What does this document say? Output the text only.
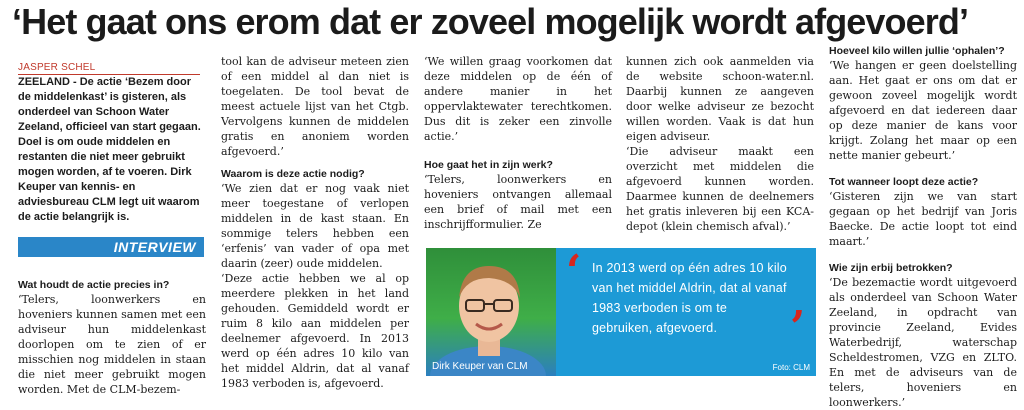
‘Het gaat ons erom dat er zoveel mogelijk wordt afgevoerd’
JASPER SCHEL

ZEELAND - De actie ‘Bezem door de middelenkast’ is gisteren, als onderdeel van Schoon Water Zeeland, officieel van start gegaan. Doel is om oude middelen en restanten die niet meer gebruikt mogen worden, af te voeren. Dirk Keuper van kennis- en adviesbureau CLM legt uit waarom de actie belangrijk is.

INTERVIEW

Wat houdt de actie precies in?

‘Telers, loonwerkers en hoveniers kunnen samen met een adviseur hun middelenkast doorlopen om te zien of er misschien nog middelen in staan die niet meer gebruikt mogen worden. Met de CLM-bezem-

tool kan de adviseur meteen zien of een middel al dan niet is toegelaten. De tool bevat de meest actuele lijst van het Ctgb. Vervolgens kunnen de middelen gratis en anoniem worden afgevoerd.’

Waarom is deze actie nodig?

‘We zien dat er nog vaak niet meer toegestane of verlopen middelen in de kast staan. En sommige telers hebben een ‘erfenis’ van vader of opa met daarin (zeer) oude middelen.

‘Deze actie hebben we al op meerdere plekken in het land gehouden. Gemiddeld wordt er ruim 8 kilo aan middelen per deelnemer afgevoerd. In 2013 werd op één adres 10 kilo van het middel Aldrin, dat al vanaf 1983 verboden is, afgevoerd.

‘We willen graag voorkomen dat deze middelen op de één of andere manier in het oppervlaktewater terechtkomen. Dus dit is zeker een zinvolle actie.’

Hoe gaat het in zijn werk?

‘Telers, loonwerkers en hoveniers ontvangen allemaal een brief of mail met een inschrijfformulier. Ze

kunnen zich ook aanmelden via de website schoon-water.nl. Daarbij kunnen ze aangeven door welke adviseur ze bezocht willen worden. Vaak is dat hun eigen adviseur.

‘Die adviseur maakt een overzicht met middelen die afgevoerd kunnen worden. Daarmee kunnen de deelnemers het gratis inleveren bij een KCA-depot (klein chemisch afval).’

Hoeveel kilo willen jullie ‘ophalen’?

‘We hangen er geen doelstelling aan. Het gaat er ons om dat er gewoon zoveel mogelijk wordt afgevoerd en dat iedereen daar op deze manier de kans voor krijgt. Zolang het maar op een nette manier gebeurt.’

Tot wanneer loopt deze actie?

‘Gisteren zijn we van start gegaan op het bedrijf van Joris Baecke. De actie loopt tot eind maart.’

Wie zijn erbij betrokken?

‘De bezemactie wordt uitgevoerd als onderdeel van Schoon Water Zeeland, in opdracht van provincie Zeeland, Evides Waterbedrijf, waterschap Scheldestromen, VZG en ZLTO. En met de adviseurs van de telers, hoveniers en loonwerkers.’

Dirk Keuper van CLM
‘ In 2013 werd op één adres 10 kilo van het middel Aldrin, dat al vanaf 1983 verboden is om te gebruiken, afgevoerd.	’
Foto: CLM
